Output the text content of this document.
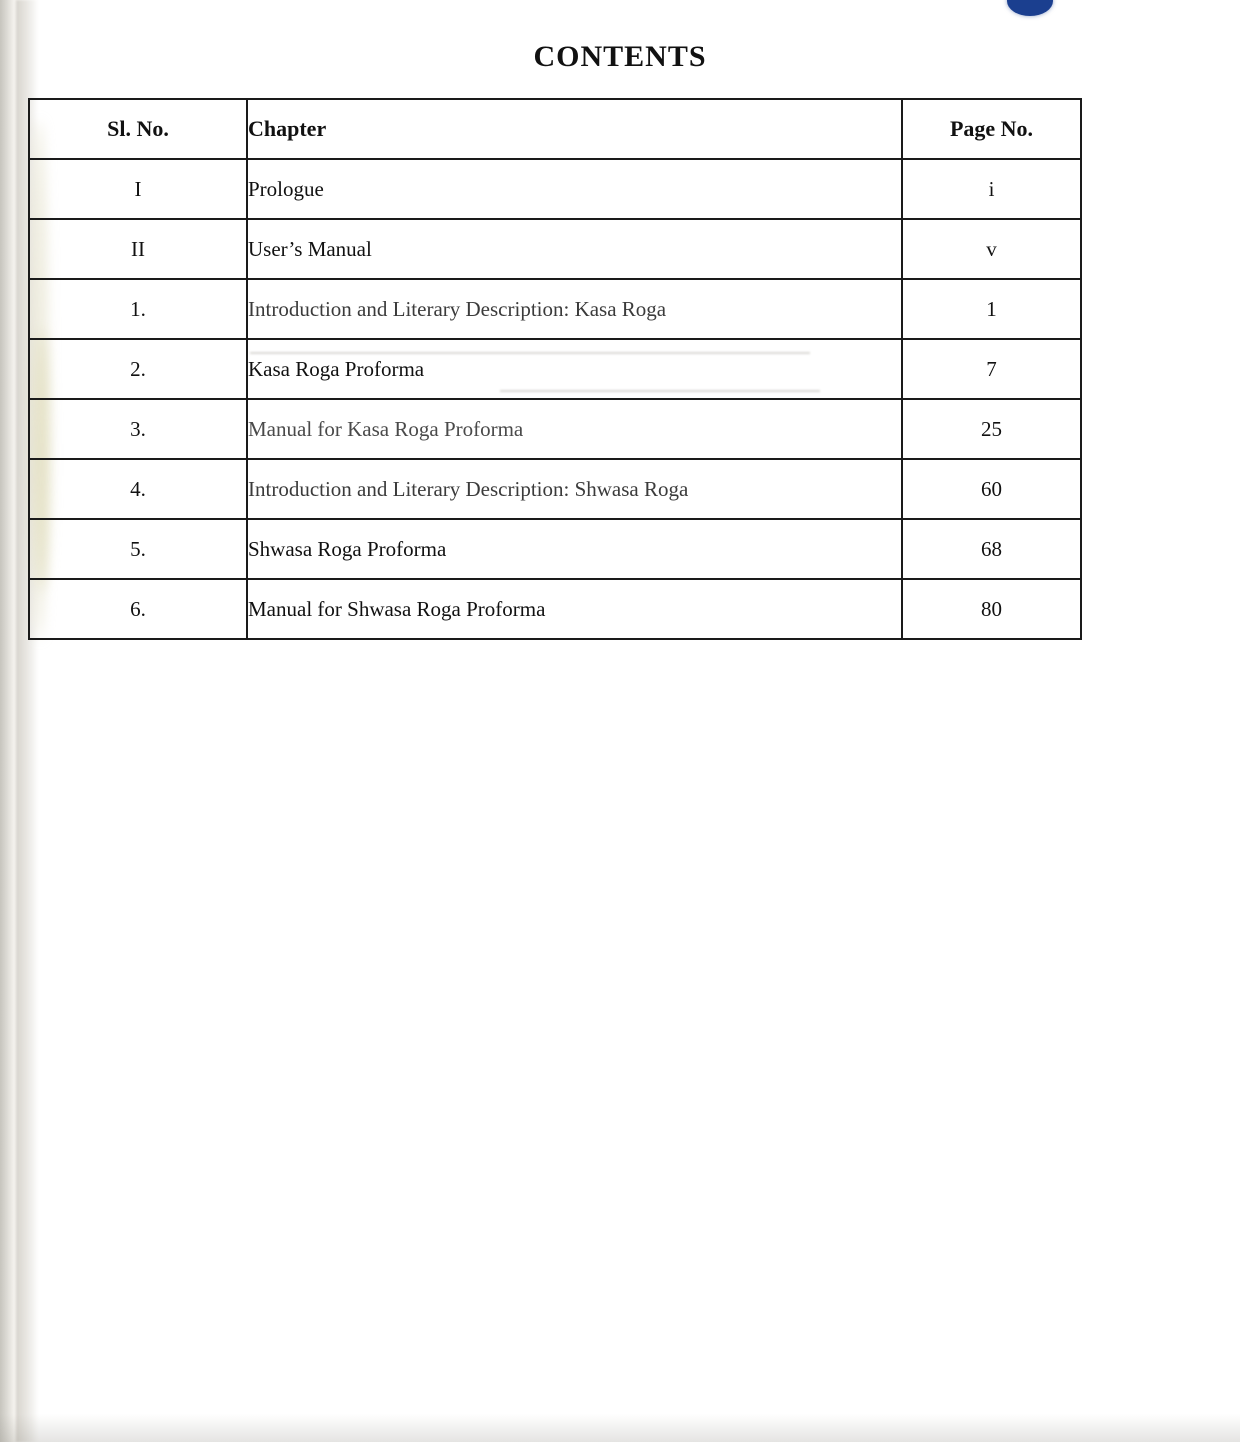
CONTENTS
Sl. No.	Chapter	Page No.
I	Prologue	i
II	User’s Manual	v
1.	Introduction and Literary Description: Kasa Roga	1
2.	Kasa Roga Proforma	7
3.	Manual for Kasa Roga Proforma	25
4.	Introduction and Literary Description: Shwasa Roga	60
5.	Shwasa Roga Proforma	68
6.	Manual for Shwasa Roga Proforma	80
